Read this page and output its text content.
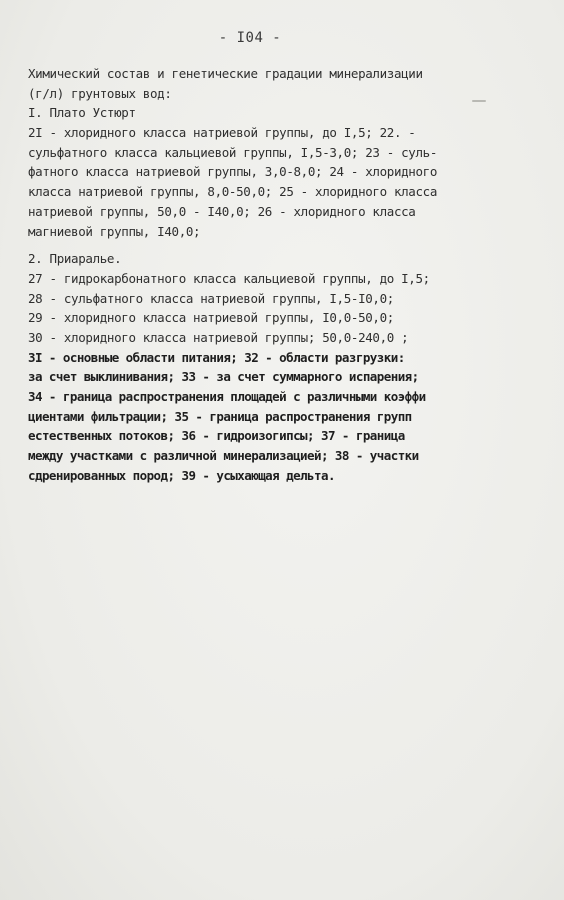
- I04 -
Химический состав и генетические градации минерализации
(г/л) грунтовых вод:
I. Плато Устюрт
2I - хлоридного класса натриевой группы, до I,5; 22. -
сульфатного класса кальциевой группы, I,5-3,0; 23 - суль-
фатного класса натриевой группы, 3,0-8,0; 24 - хлоридного
класса натриевой группы, 8,0-50,0; 25 - хлоридного класса
натриевой группы, 50,0 - I40,0; 26 - хлоридного класса
магниевой группы, I40,0;
2. Приаралье.
27 - гидрокарбонатного класса кальциевой группы, до I,5;
28 - сульфатного класса натриевой группы, I,5-I0,0;
29 - хлоридного класса натриевой группы, I0,0-50,0;
30 - хлоридного класса натриевой группы; 50,0-240,0 ;
3I - основные области питания; 32 - области разгрузки:
за счет выклинивания; 33 - за счет суммарного испарения;
34 - граница распространения площадей с различными коэффи
циентами фильтрации; 35 - граница распространения групп
естественных потоков; 36 - гидроизогипсы; 37 - граница
между участками с различной минерализацией; 38 - участки
сдренированных пород; 39 - усыхающая дельта.
